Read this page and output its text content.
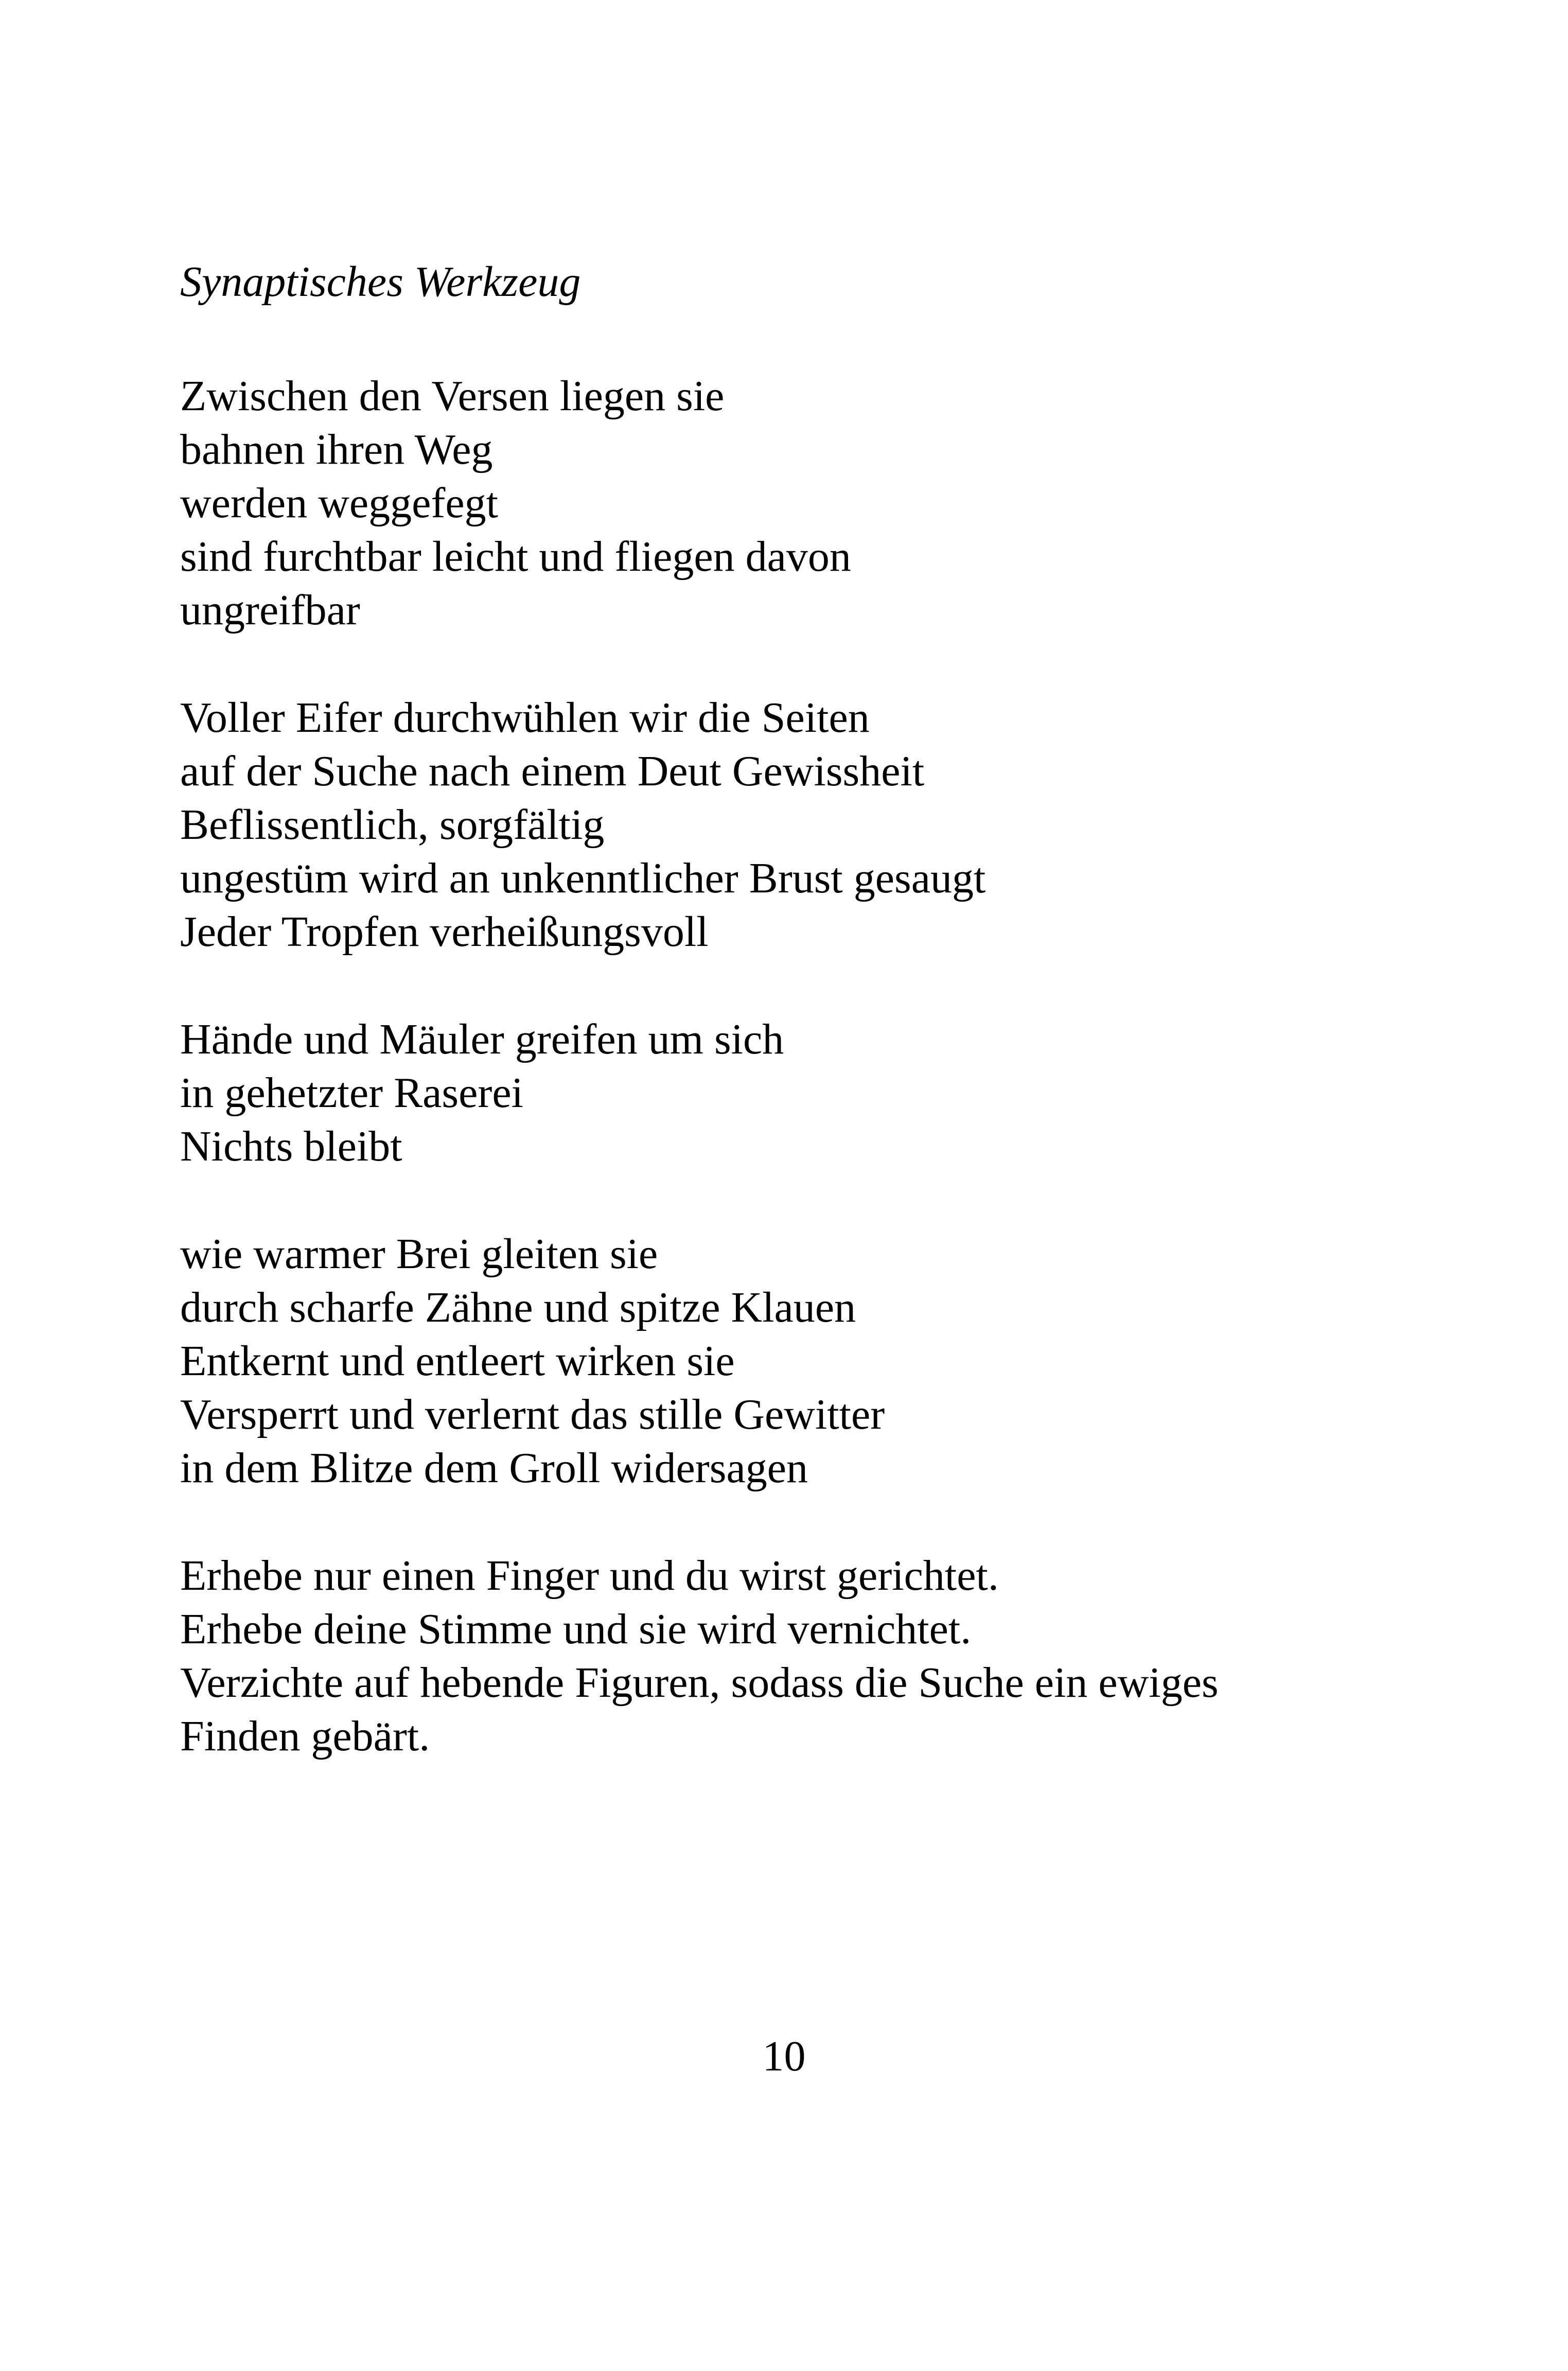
Synaptisches Werkzeug

Zwischen den Versen liegen sie
bahnen ihren Weg
werden weggefegt
sind furchtbar leicht und fliegen davon
ungreifbar

Voller Eifer durchwühlen wir die Seiten
auf der Suche nach einem Deut Gewissheit
Beflissentlich, sorgfältig
ungestüm wird an unkenntlicher Brust gesaugt
Jeder Tropfen verheißungsvoll

Hände und Mäuler greifen um sich
in gehetzter Raserei
Nichts bleibt

wie warmer Brei gleiten sie
durch scharfe Zähne und spitze Klauen
Entkernt und entleert wirken sie
Versperrt und verlernt das stille Gewitter
in dem Blitze dem Groll widersagen

Erhebe nur einen Finger und du wirst gerichtet.
Erhebe deine Stimme und sie wird vernichtet.
Verzichte auf hebende Figuren, sodass die Suche ein ewiges
Finden gebärt.

10
